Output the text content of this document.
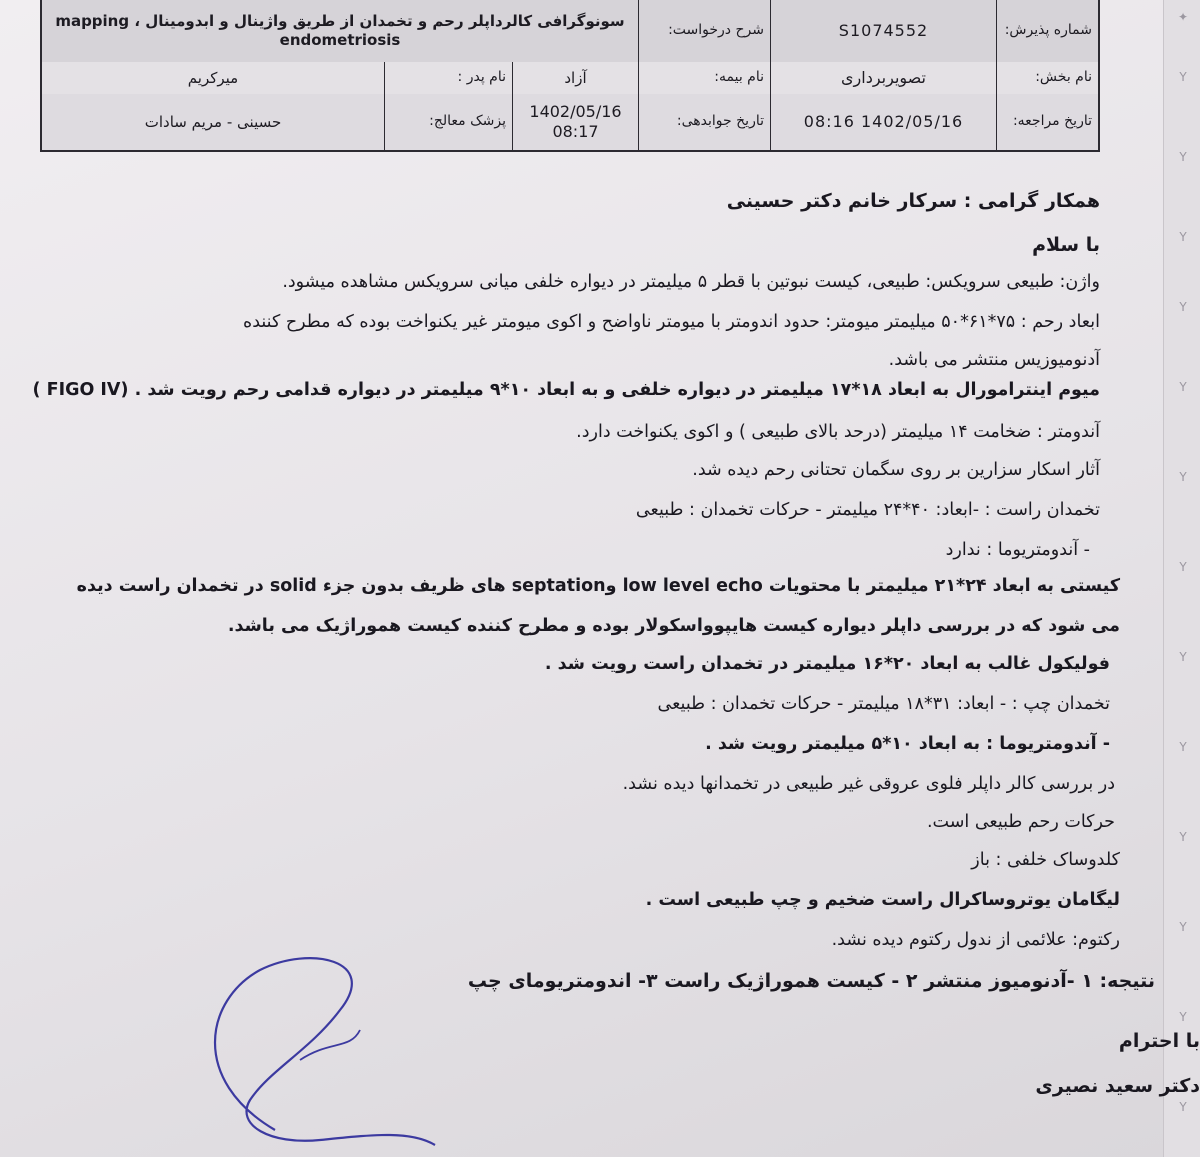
✦
Y
Y
Y
Y
Y
Y
Y
Y
Y
Y
Y
Y
Y
شماره پذیرش:
S1074552
شرح درخواست:
سونوگرافی کالرداپلر رحم و تخمدان از طریق واژینال و ابدومینال ، mapping endometriosis
نام بخش:
تصویربرداری
نام بیمه:
آزاد
نام پدر :
میرکریم
تاریخ مراجعه:
1402/05/16 08:16
تاریخ جوابدهی:
1402/05/16 08:17
پزشک معالج:
حسینی - مریم سادات
همکار گرامی : سرکار خانم دکتر حسینی
با سلام
واژن: طبیعی سرویکس: طبیعی، کیست نبوتین با قطر ۵ میلیمتر در دیواره خلفی میانی سرویکس مشاهده میشود.
ابعاد رحم : ۷۵*۶۱*۵۰ میلیمتر میومتر: حدود اندومتر با میومتر ناواضح و اکوی میومتر غیر یکنواخت بوده که مطرح کننده
آدنومیوزیس منتشر می باشد.
میوم اینترامورال به ابعاد ۱۸*۱۷ میلیمتر در دیواره خلفی و به ابعاد ۱۰*۹ میلیمتر در دیواره قدامی رحم رویت شد . (FIGO IV )
آندومتر : ضخامت ۱۴ میلیمتر (درحد بالای طبیعی ) و اکوی یکنواخت دارد.
آثار اسکار سزارین بر روی سگمان تحتانی رحم دیده شد.
تخمدان راست : -ابعاد: ۴۰*۲۴ میلیمتر - حرکات تخمدان : طبیعی
- آندومتریوما : ندارد
کیستی به ابعاد ۲۴*۲۱ میلیمتر با محتویات low level echo وseptation های ظریف بدون جزء solid در تخمدان راست دیده
می شود که در بررسی داپلر دیواره کیست هایپوواسکولار بوده و مطرح کننده کیست هموراژیک می باشد.
فولیکول غالب به ابعاد ۲۰*۱۶ میلیمتر در تخمدان راست رویت شد .
تخمدان چپ : - ابعاد: ۳۱*۱۸ میلیمتر - حرکات تخمدان : طبیعی
- آندومتریوما : به ابعاد ۱۰*۵ میلیمتر رویت شد .
در بررسی کالر داپلر فلوی عروقی غیر طبیعی در تخمدانها دیده نشد.
حرکات رحم طبیعی است.
کلدوساک خلفی : باز
لیگامان یوتروساکرال راست ضخیم و چپ طبیعی است .
رکتوم: علائمی از ندول رکتوم دیده نشد.
نتیجه: ۱ -آدنومیوز منتشر ۲ - کیست هموراژیک راست ۳- اندومتریومای چپ
با احترام
دکتر سعید نصیری
